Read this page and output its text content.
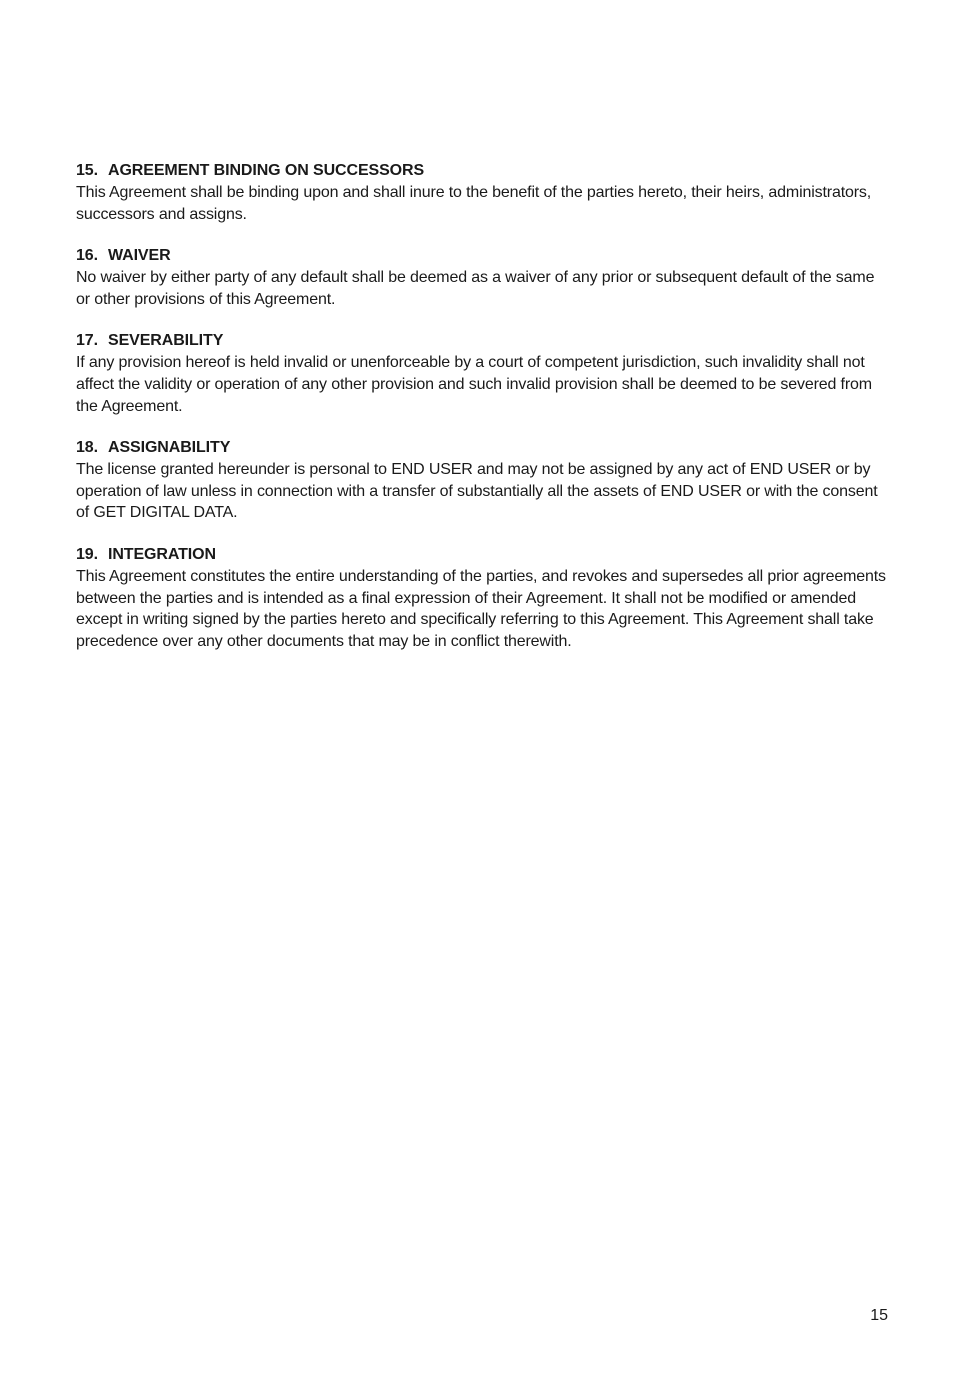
15. AGREEMENT BINDING ON SUCCESSORS

This Agreement shall be binding upon and shall inure to the benefit of the parties hereto, their heirs, administrators, successors and assigns.

16. WAIVER

No waiver by either party of any default shall be deemed as a waiver of any prior or subsequent default of the same or other provisions of this Agreement.

17. SEVERABILITY

If any provision hereof is held invalid or unenforceable by a court of competent jurisdiction, such invalidity shall not affect the validity or operation of any other provision and such invalid provision shall be deemed to be severed from the Agreement.

18. ASSIGNABILITY

The license granted hereunder is personal to END USER and may not be assigned by any act of END USER or by operation of law unless in connection with a transfer of substantially all the assets of END USER or with the consent of GET DIGITAL DATA.

19. INTEGRATION

This Agreement constitutes the entire understanding of the parties, and revokes and supersedes all prior agreements between the parties and is intended as a final expression of their Agreement. It shall not be modified or amended except in writing signed by the parties hereto and specifically referring to this Agreement. This Agreement shall take precedence over any other documents that may be in conflict therewith.

15
